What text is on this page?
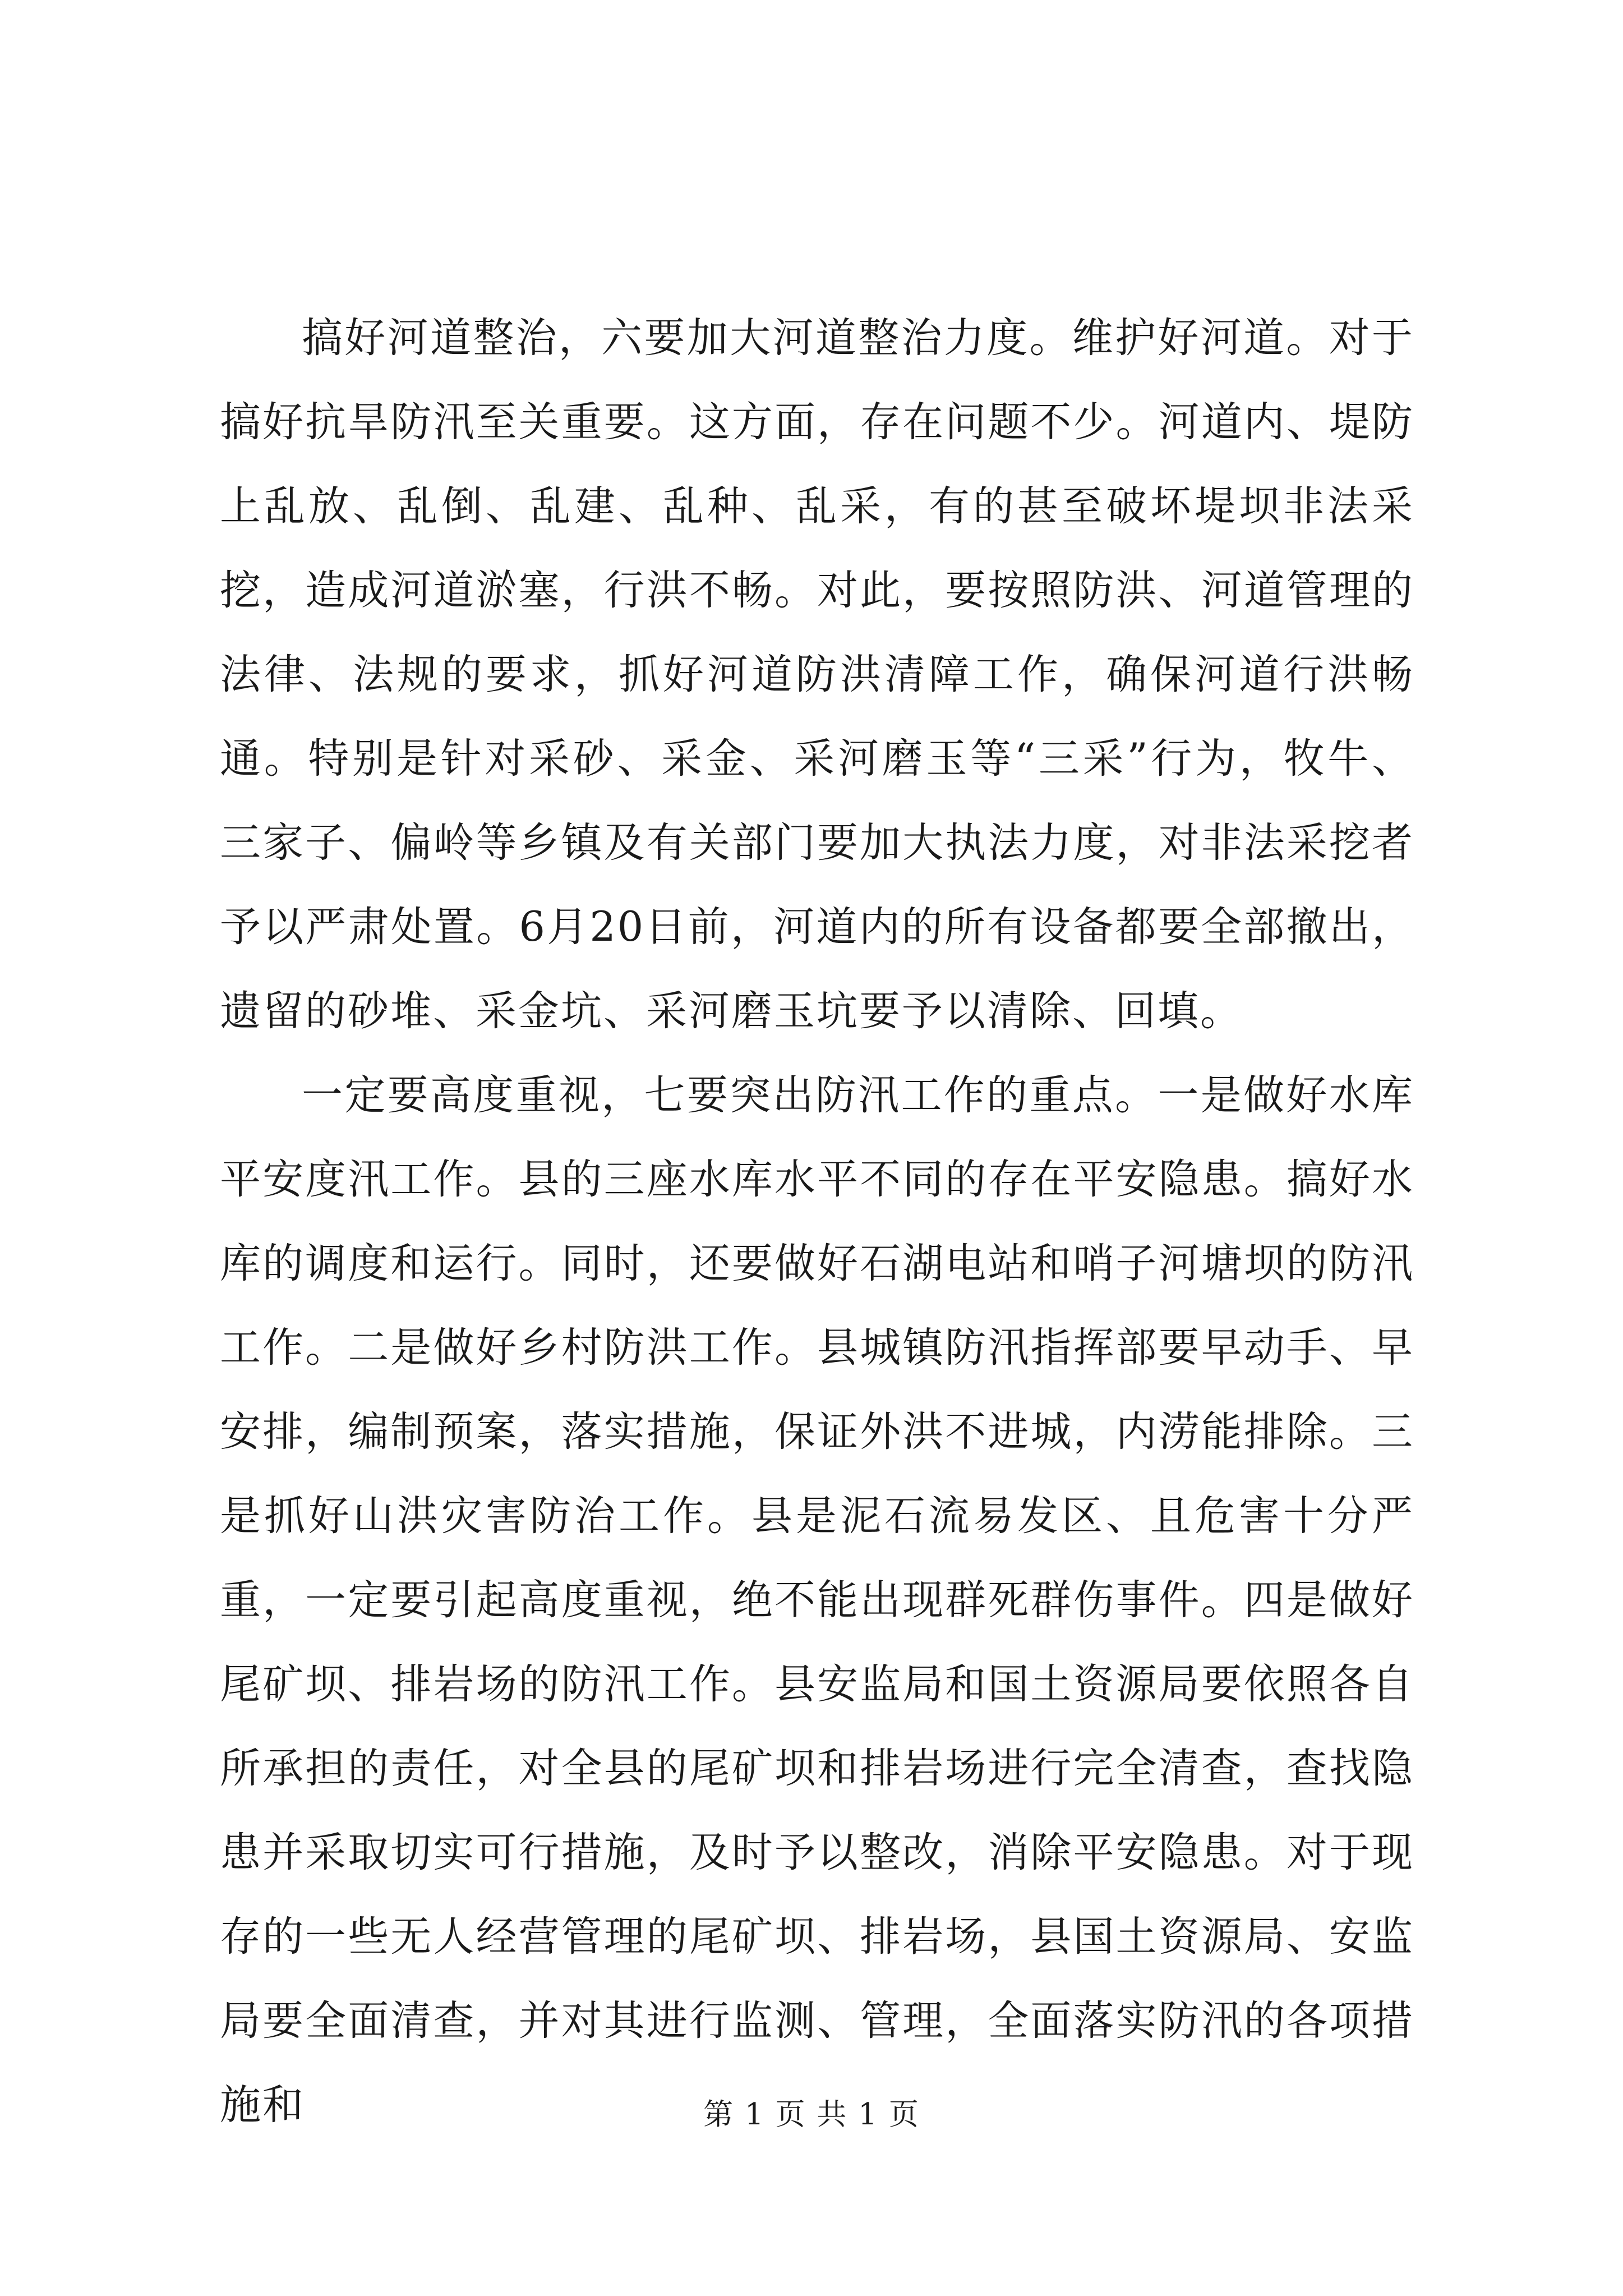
搞好河道整治，六要加大河道整治力度。维护好河道。对于搞好抗旱防汛至关重要。这方面，存在问题不少。河道内、堤防上乱放、乱倒、乱建、乱种、乱采，有的甚至破坏堤坝非法采挖，造成河道淤塞，行洪不畅。对此，要按照防洪、河道管理的法律、法规的要求，抓好河道防洪清障工作，确保河道行洪畅通。特别是针对采砂、采金、采河磨玉等“三采”行为，牧牛、三家子、偏岭等乡镇及有关部门要加大执法力度，对非法采挖者予以严肃处置。6月20日前，河道内的所有设备都要全部撤出，遗留的砂堆、采金坑、采河磨玉坑要予以清除、回填。

一定要高度重视，七要突出防汛工作的重点。一是做好水库平安度汛工作。县的三座水库水平不同的存在平安隐患。搞好水库的调度和运行。同时，还要做好石湖电站和哨子河塘坝的防汛工作。二是做好乡村防洪工作。县城镇防汛指挥部要早动手、早安排，编制预案，落实措施，保证外洪不进城，内涝能排除。三是抓好山洪灾害防治工作。县是泥石流易发区、且危害十分严重，一定要引起高度重视，绝不能出现群死群伤事件。四是做好尾矿坝、排岩场的防汛工作。县安监局和国土资源局要依照各自所承担的责任，对全县的尾矿坝和排岩场进行完全清查，查找隐患并采取切实可行措施，及时予以整改，消除平安隐患。对于现存的一些无人经营管理的尾矿坝、排岩场，县国土资源局、安监局要全面清查，并对其进行监测、管理，全面落实防汛的各项措施和	第 1 页 共 1 页
